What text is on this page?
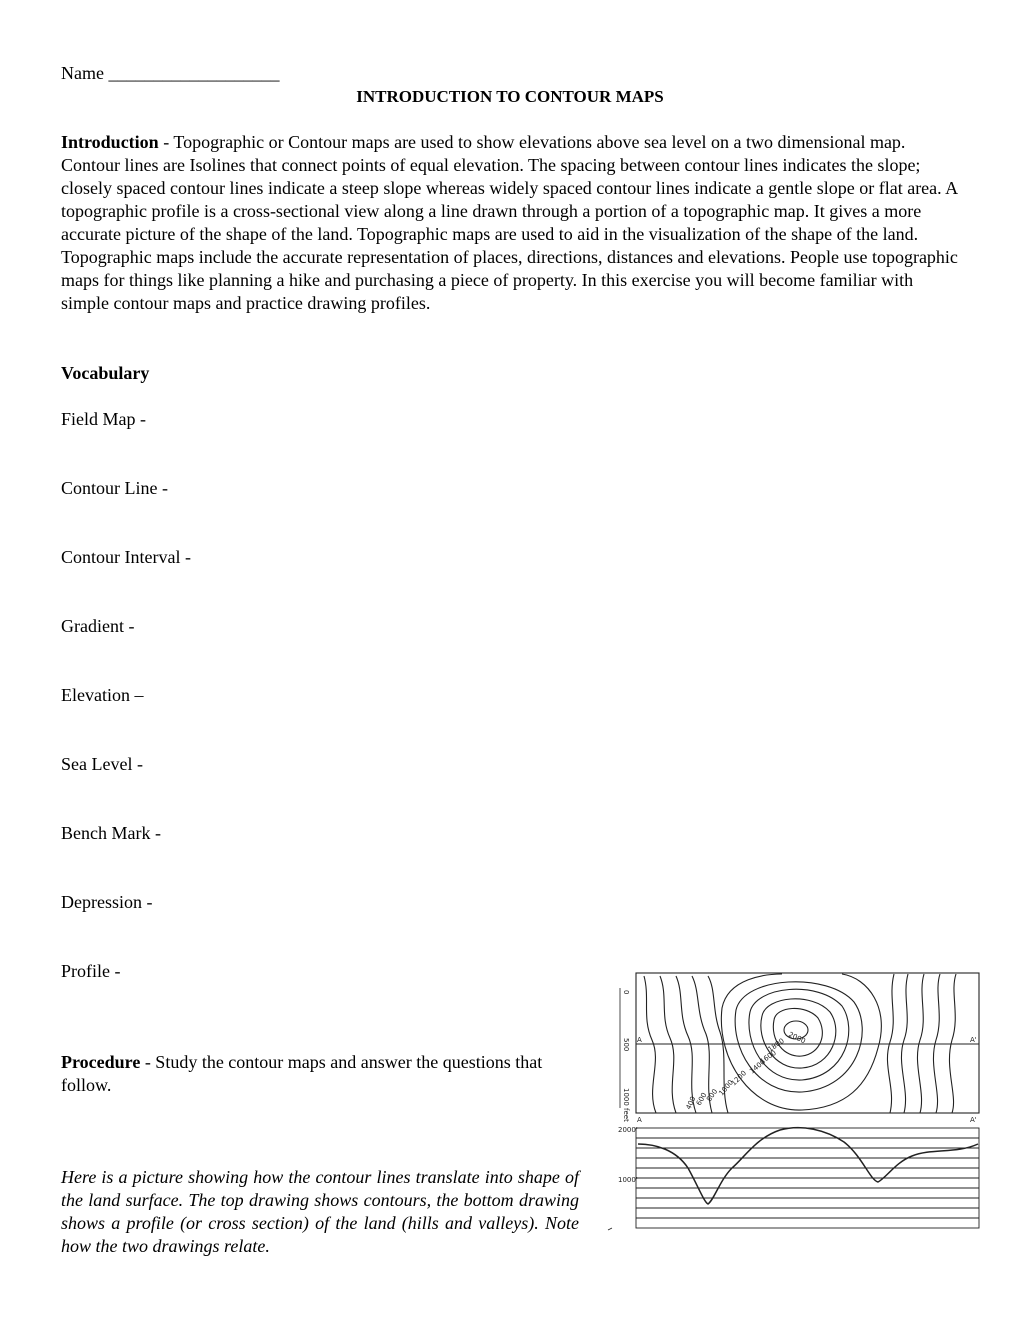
Name ___________________
INTRODUCTION TO CONTOUR MAPS
Introduction - Topographic or Contour maps are used to show elevations above sea level on a two dimensional map. Contour lines are Isolines that connect points of equal elevation. The spacing between contour lines indicates the slope; closely spaced contour lines indicate a steep slope whereas widely spaced contour lines indicate a gentle slope or flat area. A topographic profile is a cross-sectional view along a line drawn through a portion of a topographic map. It gives a more accurate picture of the shape of the land. Topographic maps are used to aid in the visualization of the shape of the land. Topographic maps include the accurate representation of places, directions, distances and elevations. People use topographic maps for things like planning a hike and purchasing a piece of property. In this exercise you will become familiar with simple contour maps and practice drawing profiles.
Vocabulary
Field Map -
Contour Line -
Contour Interval -
Gradient -
Elevation –
Sea Level -
Bench Mark -
Depression -
Profile -
Procedure - Study the contour maps and answer the questions that follow.
Here is a picture showing how the contour lines translate into shape of the land surface. The top drawing shows contours, the bottom drawing shows a profile (or cross section) of the land (hills and valleys). Note how the two drawings relate.
A	A'
2000
1800
1600
1400
1200
1000
800
600
400
0
500
1000 feet A	A'
2000'
1000'
